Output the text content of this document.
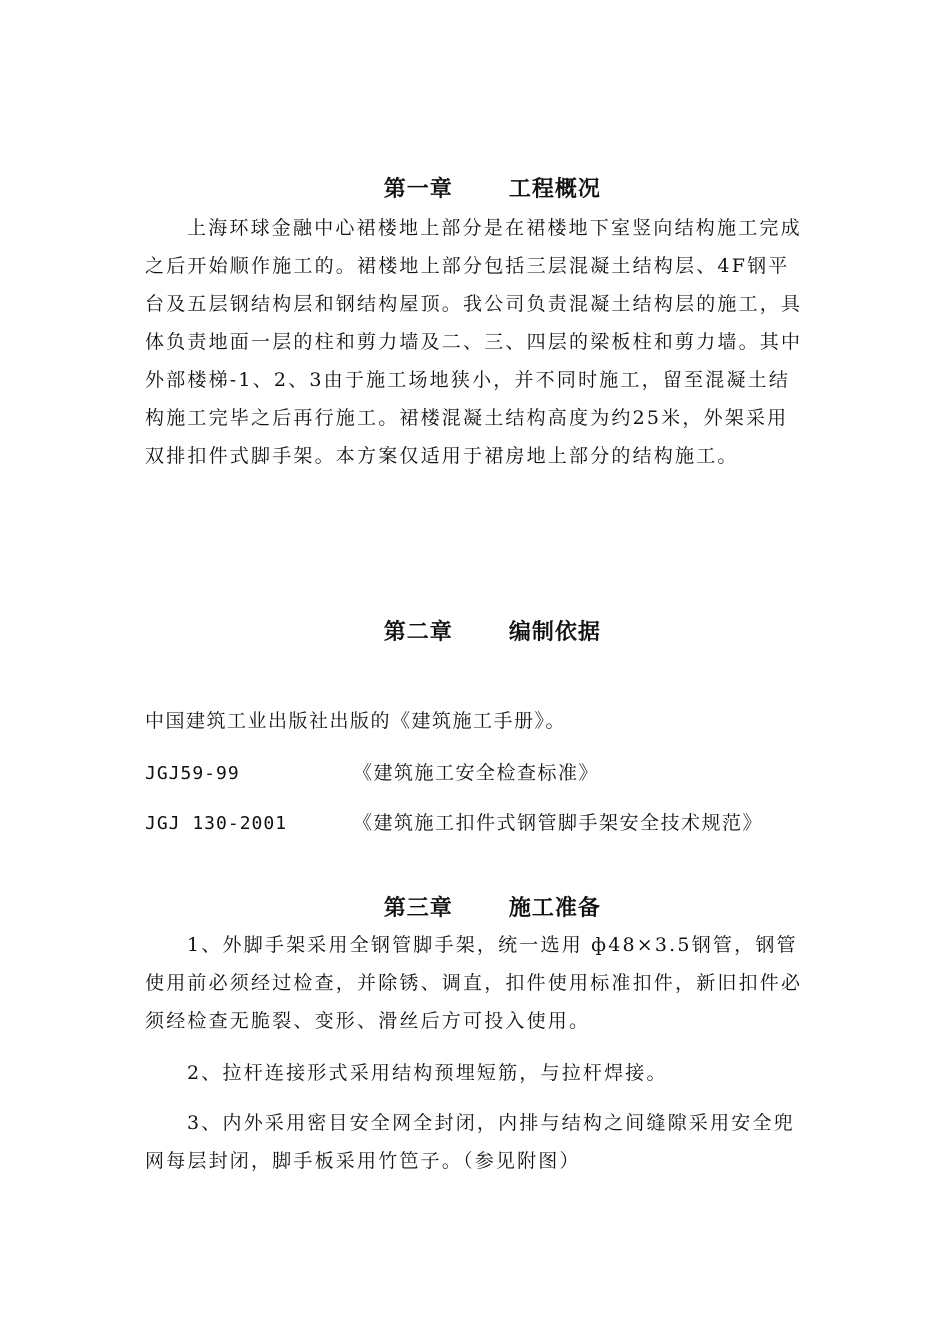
第一章	工程概况

上海环球金融中心裙楼地上部分是在裙楼地下室竖向结构施工完成之后开始顺作施工的。裙楼地上部分包括三层混凝土结构层、4F钢平台及五层钢结构层和钢结构屋顶。我公司负责混凝土结构层的施工，具体负责地面一层的柱和剪力墙及二、三、四层的梁板柱和剪力墙。其中外部楼梯-1、2、3由于施工场地狭小，并不同时施工，留至混凝土结构施工完毕之后再行施工。裙楼混凝土结构高度为约25米，外架采用双排扣件式脚手架。本方案仅适用于裙房地上部分的结构施工。

第二章	编制依据

中国建筑工业出版社出版的《建筑施工手册》。
JGJ59-99	《建筑施工安全检查标准》
JGJ 130-2001	《建筑施工扣件式钢管脚手架安全技术规范》

第三章	施工准备

1、外脚手架采用全钢管脚手架，统一选用 ф48×3.5钢管，钢管使用前必须经过检查，并除锈、调直，扣件使用标准扣件，新旧扣件必须经检查无脆裂、变形、滑丝后方可投入使用。
2、拉杆连接形式采用结构预埋短筋，与拉杆焊接。
3、内外采用密目安全网全封闭，内排与结构之间缝隙采用安全兜网每层封闭，脚手板采用竹笆子。（参见附图）
